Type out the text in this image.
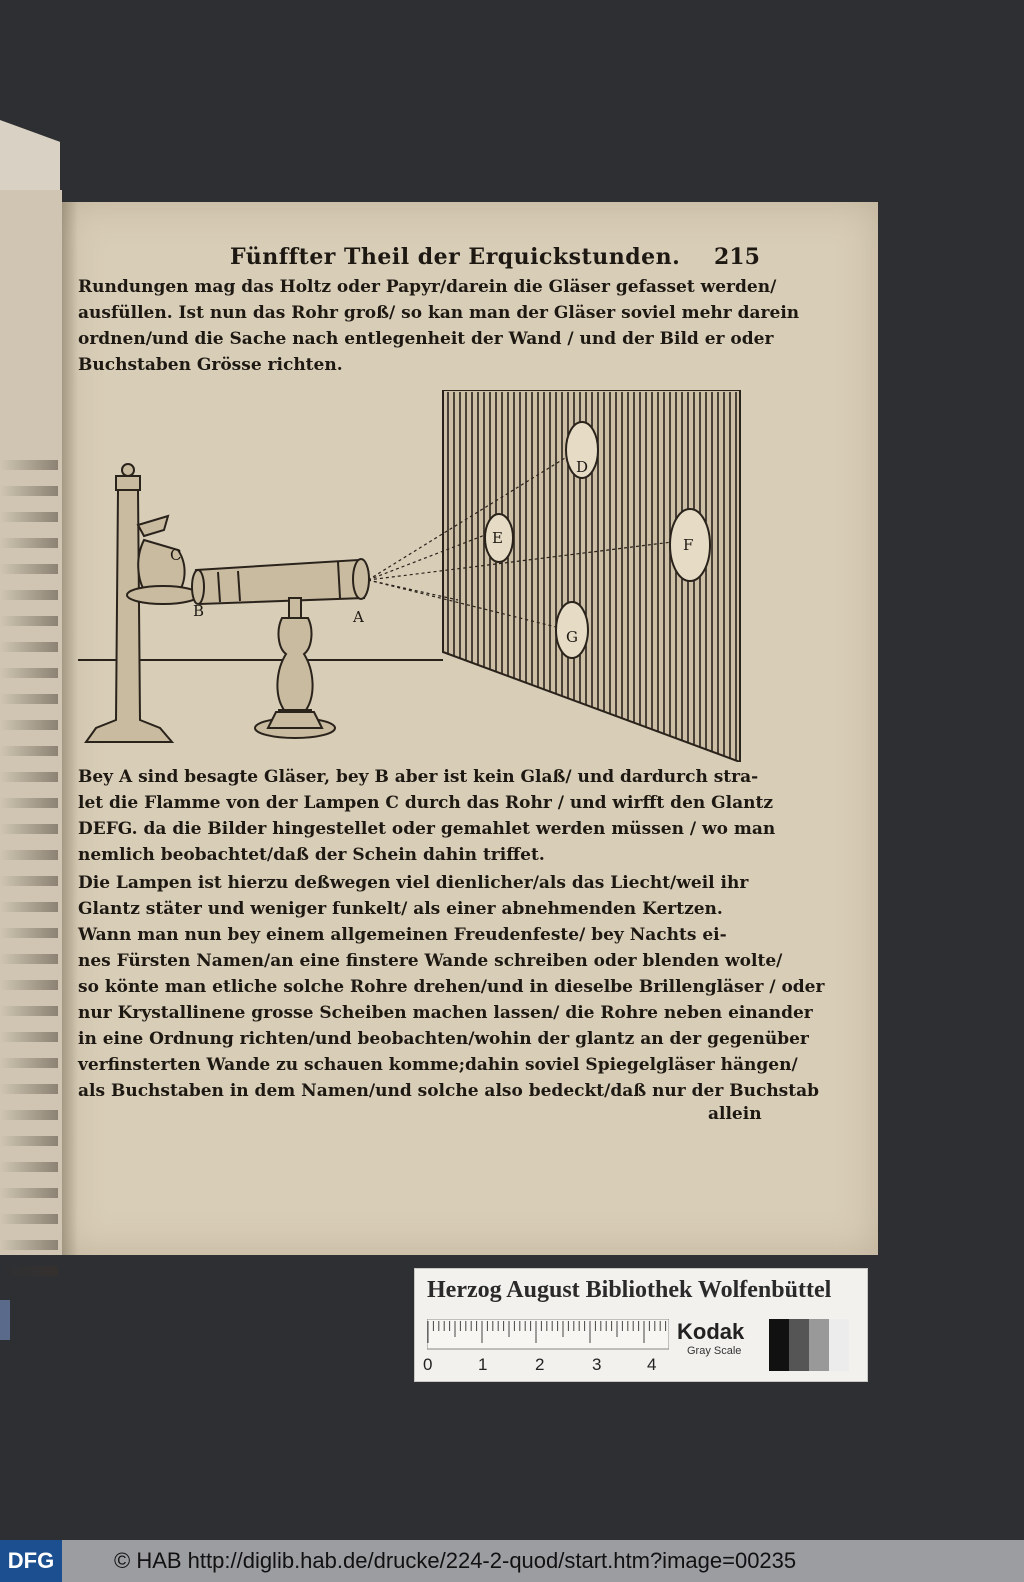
Fünffter Theil der Erquickstunden. 215
Rundungen mag das Holtz oder Papyr/darein die Gläser gefasset werden/
ausfüllen. Ist nun das Rohr groß/ so kan man der Gläser soviel mehr darein
ordnen/und die Sache nach entlegenheit der Wand / und der Bild er oder
Buchstaben Grösse richten.
C
B	A
D
E	F
G
Bey A sind besagte Gläser, bey B aber ist kein Glaß/ und dardurch stra-
let die Flamme von der Lampen C durch das Rohr / und wirfft den Glantz
DEFG. da die Bilder hingestellet oder gemahlet werden müssen / wo man
nemlich beobachtet/daß der Schein dahin triffet.
Die Lampen ist hierzu deßwegen viel dienlicher/als das Liecht/weil ihr
Glantz stäter und weniger funkelt/ als einer abnehmenden Kertzen.
Wann man nun bey einem allgemeinen Freudenfeste/ bey Nachts ei-
nes Fürsten Namen/an eine finstere Wande schreiben oder blenden wolte/
so könte man etliche solche Rohre drehen/und in dieselbe Brillengläser / oder
nur Krystallinene grosse Scheiben machen lassen/ die Rohre neben einander
in eine Ordnung richten/und beobachten/wohin der glantz an der gegenüber
verfinsterten Wande zu schauen komme;dahin soviel Spiegelgläser hängen/
als Buchstaben in dem Namen/und solche also bedeckt/daß nur der Buchstab
allein
Herzog August Bibliothek Wolfenbüttel
0	1	2	3	4
Kodak
Gray Scale
DFG	© HAB http://diglib.hab.de/drucke/224-2-quod/start.htm?image=00235
